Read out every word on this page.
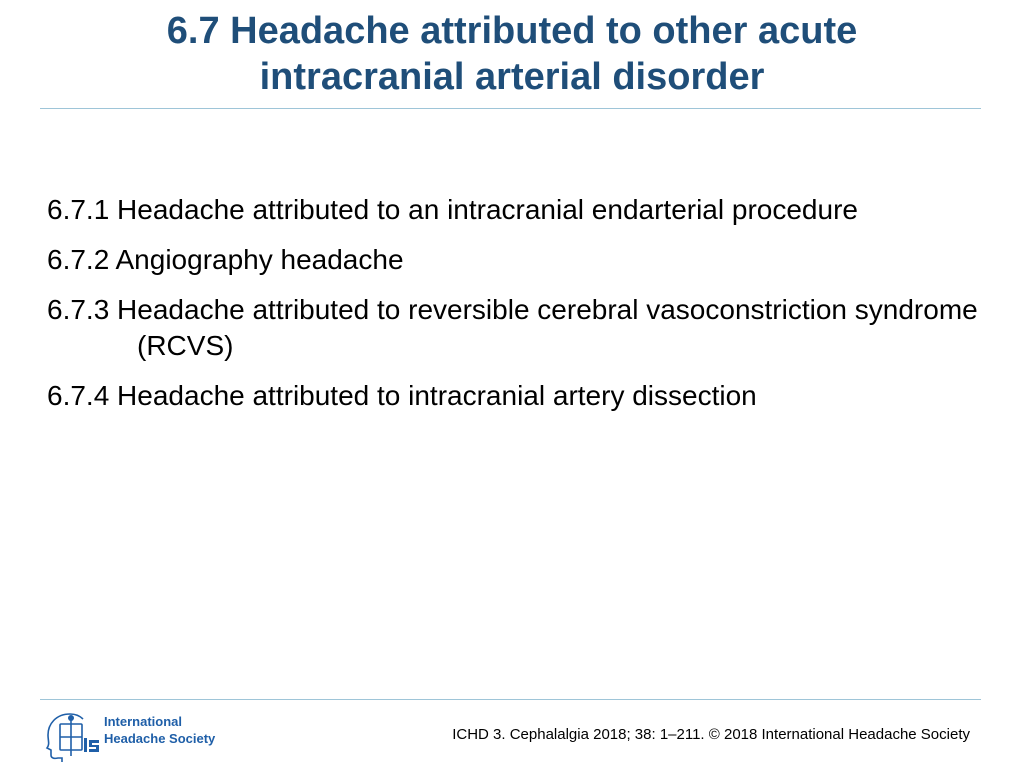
6.7 Headache attributed to other acute
intracranial arterial disorder
6.7.1 Headache attributed to an intracranial endarterial procedure
6.7.2 Angiography headache
6.7.3 Headache attributed to reversible cerebral vasoconstriction syndrome (RCVS)
6.7.4 Headache attributed to intracranial artery dissection
International
Headache Society	ICHD 3. Cephalalgia 2018; 38: 1–211. © 2018 International Headache Society
